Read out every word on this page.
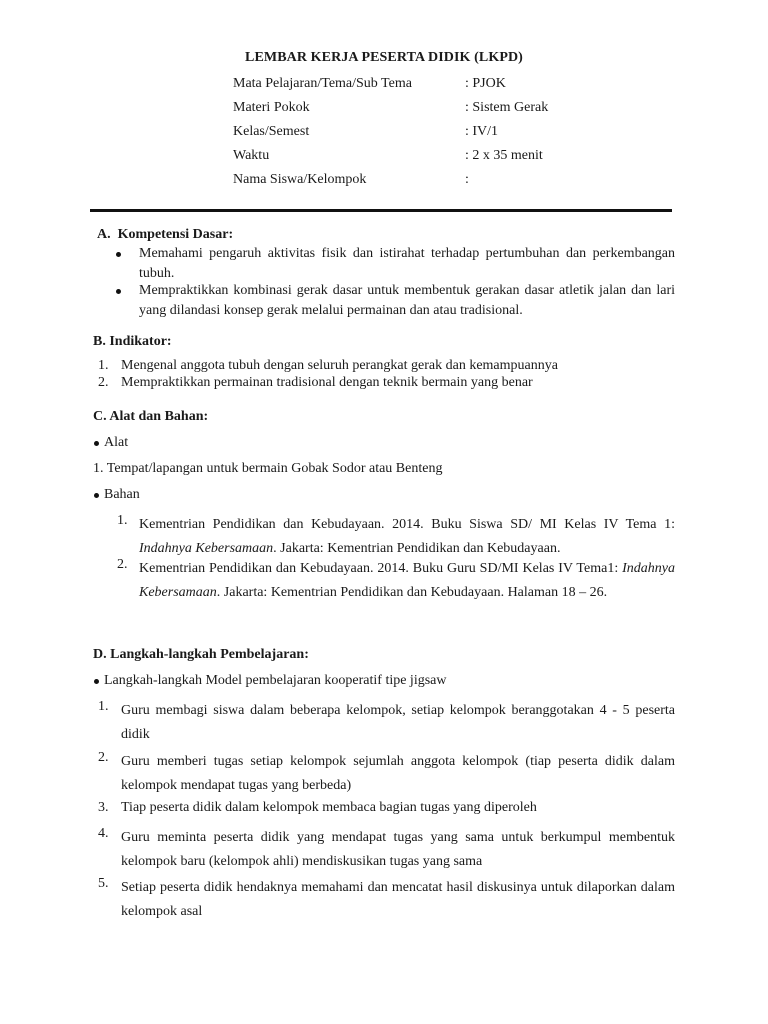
LEMBAR KERJA PESERTA DIDIK (LKPD)
Mata Pelajaran/Tema/Sub Tema	: PJOK
Materi Pokok	: Sistem Gerak
Kelas/Semest	: IV/1
Waktu	: 2 x 35 menit
Nama Siswa/Kelompok	:
A. Kompetensi Dasar:
Memahami pengaruh aktivitas fisik dan istirahat terhadap pertumbuhan dan perkembangan tubuh.
Mempraktikkan kombinasi gerak dasar untuk membentuk gerakan dasar atletik jalan dan lari yang dilandasi konsep gerak melalui permainan dan atau tradisional.
B. Indikator:
1. Mengenal anggota tubuh dengan seluruh perangkat gerak dan kemampuannya
2. Mempraktikkan permainan tradisional dengan teknik bermain yang benar
C. Alat dan Bahan:
Alat
1. Tempat/lapangan untuk bermain Gobak Sodor atau Benteng
Bahan
1. Kementrian Pendidikan dan Kebudayaan. 2014. Buku Siswa SD/ MI Kelas IV Tema 1: Indahnya Kebersamaan. Jakarta: Kementrian Pendidikan dan Kebudayaan.
2. Kementrian Pendidikan dan Kebudayaan. 2014. Buku Guru SD/MI Kelas IV Tema1: Indahnya Kebersamaan. Jakarta: Kementrian Pendidikan dan Kebudayaan. Halaman 18 – 26.
D. Langkah-langkah Pembelajaran:
Langkah-langkah Model pembelajaran kooperatif tipe jigsaw
1. Guru membagi siswa dalam beberapa kelompok, setiap kelompok beranggotakan 4 - 5 peserta didik
2. Guru memberi tugas setiap kelompok sejumlah anggota kelompok (tiap peserta didik dalam kelompok mendapat tugas yang berbeda)
3. Tiap peserta didik dalam kelompok membaca bagian tugas yang diperoleh
4. Guru meminta peserta didik yang mendapat tugas yang sama untuk berkumpul membentuk kelompok baru (kelompok ahli) mendiskusikan tugas yang sama
5. Setiap peserta didik hendaknya memahami dan mencatat hasil diskusinya untuk dilaporkan dalam kelompok asal
